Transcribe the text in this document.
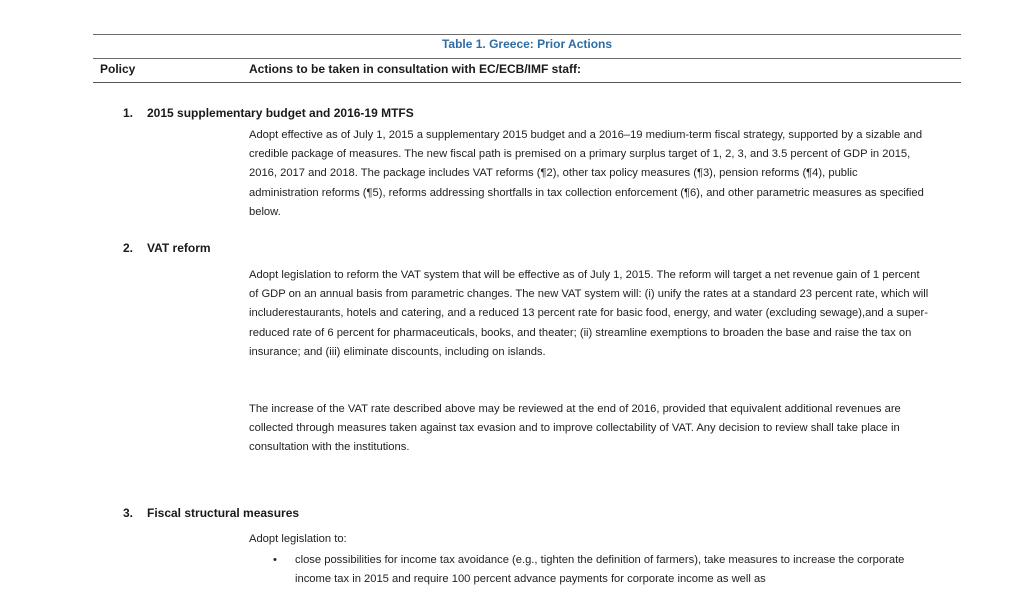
Table 1. Greece: Prior Actions
Policy	Actions to be taken in consultation with EC/ECB/IMF staff:
1. 2015 supplementary budget and 2016-19 MTFS

Adopt effective as of July 1, 2015 a supplementary 2015 budget and a 2016–19 medium-term fiscal strategy, supported by a sizable and credible package of measures. The new fiscal path is premised on a primary surplus target of 1, 2, 3, and 3.5 percent of GDP in 2015, 2016, 2017 and 2018. The package includes VAT reforms (¶2), other tax policy measures (¶3), pension reforms (¶4), public administration reforms (¶5), reforms addressing shortfalls in tax collection enforcement (¶6), and other parametric measures as specified below.

2. VAT reform

Adopt legislation to reform the VAT system that will be effective as of July 1, 2015. The reform will target a net revenue gain of 1 percent of GDP on an annual basis from parametric changes. The new VAT system will: (i) unify the rates at a standard 23 percent rate, which will includerestaurants, hotels and catering, and a reduced 13 percent rate for basic food, energy, and water (excluding sewage),and a super-reduced rate of 6 percent for pharmaceuticals, books, and theater; (ii) streamline exemptions to broaden the base and raise the tax on insurance; and (iii) eliminate discounts, including on islands.

The increase of the VAT rate described above may be reviewed at the end of 2016, provided that equivalent additional revenues are collected through measures taken against tax evasion and to improve collectability of VAT. Any decision to review shall take place in consultation with the institutions.

3. Fiscal structural measures

Adopt legislation to:

• close possibilities for income tax avoidance (e.g., tighten the definition of farmers), take measures to increase the corporate income tax in 2015 and require 100 percent advance payments for corporate income as well as
